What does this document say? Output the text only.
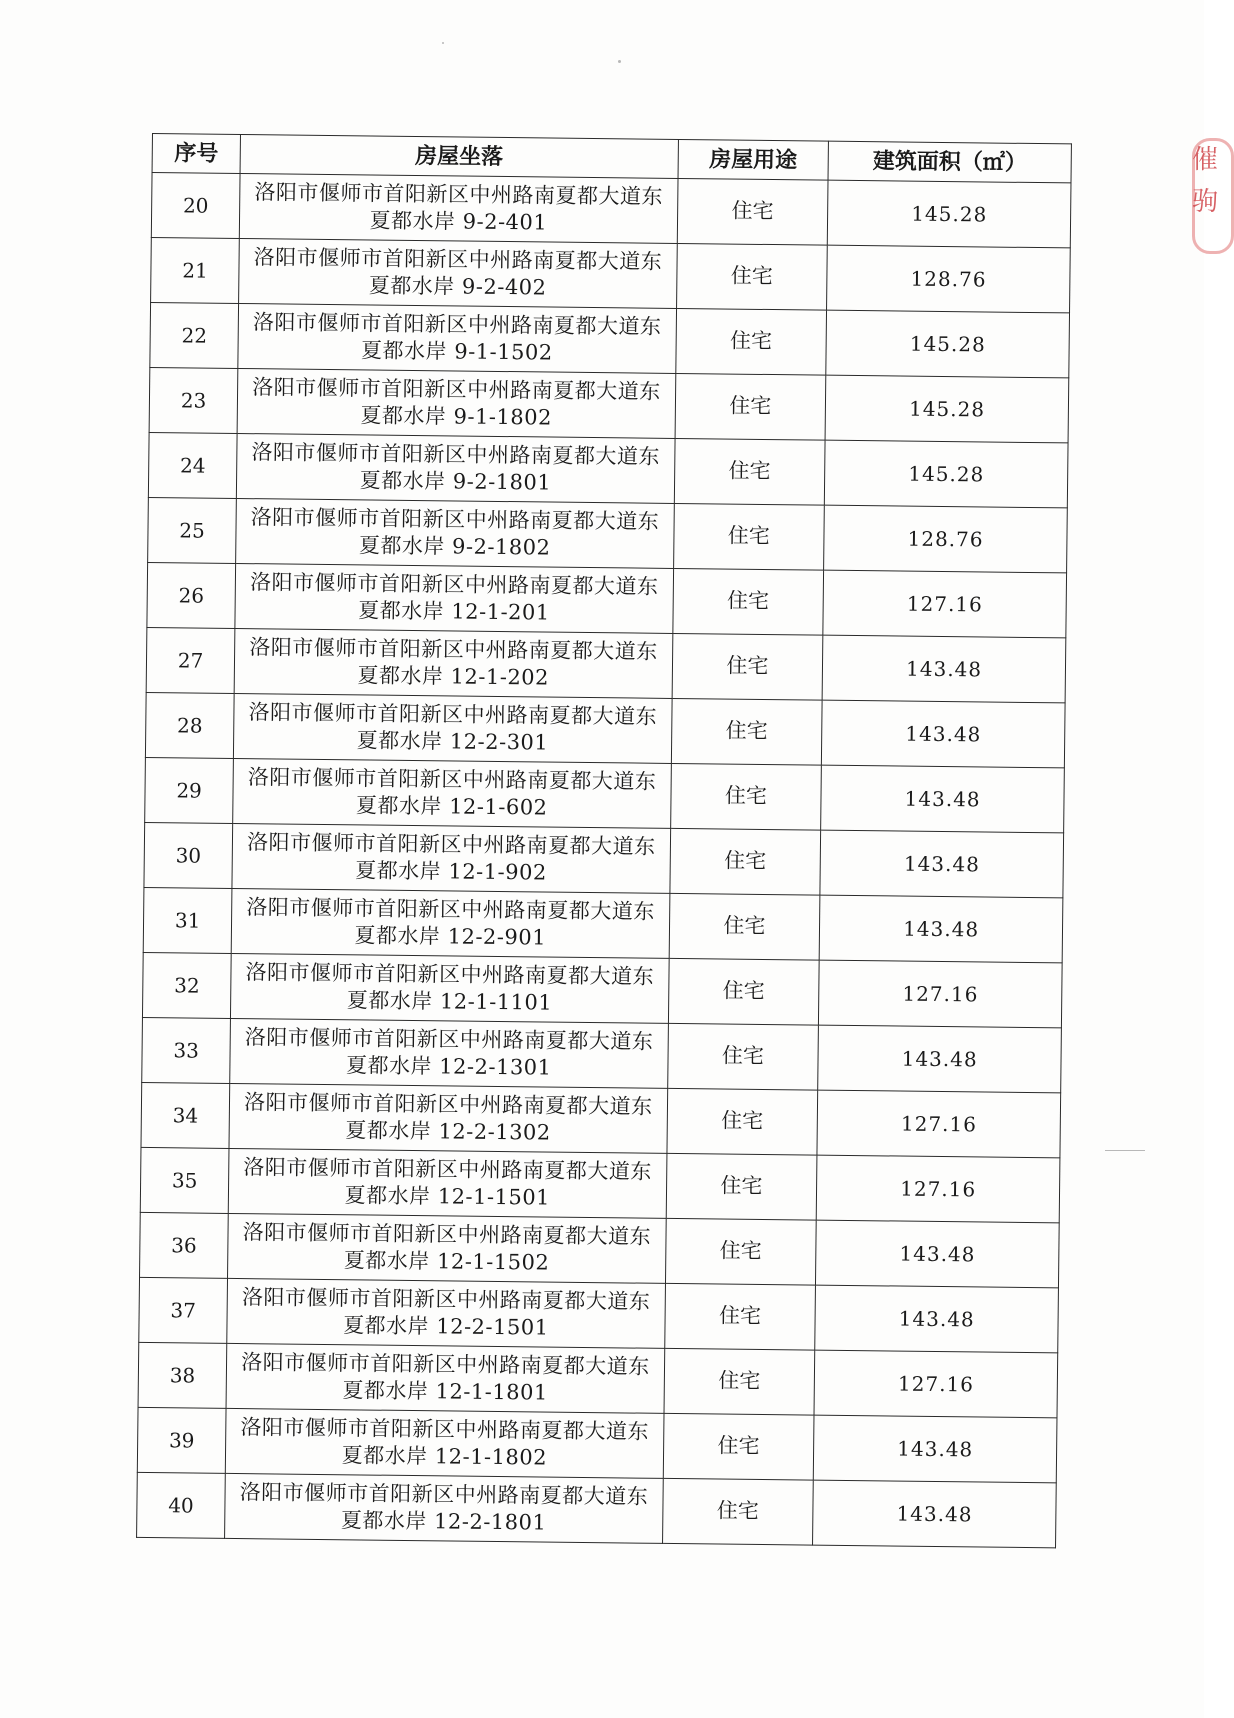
催 驹
序号	房屋坐落	房屋用途	建筑面积（㎡）
20	洛阳市偃师市首阳新区中州路南夏都大道东夏都水岸 9-2-401	住宅	145.28
21	洛阳市偃师市首阳新区中州路南夏都大道东夏都水岸 9-2-402	住宅	128.76
22	洛阳市偃师市首阳新区中州路南夏都大道东夏都水岸 9-1-1502	住宅	145.28
23	洛阳市偃师市首阳新区中州路南夏都大道东夏都水岸 9-1-1802	住宅	145.28
24	洛阳市偃师市首阳新区中州路南夏都大道东夏都水岸 9-2-1801	住宅	145.28
25	洛阳市偃师市首阳新区中州路南夏都大道东夏都水岸 9-2-1802	住宅	128.76
26	洛阳市偃师市首阳新区中州路南夏都大道东夏都水岸 12-1-201	住宅	127.16
27	洛阳市偃师市首阳新区中州路南夏都大道东夏都水岸 12-1-202	住宅	143.48
28	洛阳市偃师市首阳新区中州路南夏都大道东夏都水岸 12-2-301	住宅	143.48
29	洛阳市偃师市首阳新区中州路南夏都大道东夏都水岸 12-1-602	住宅	143.48
30	洛阳市偃师市首阳新区中州路南夏都大道东夏都水岸 12-1-902	住宅	143.48
31	洛阳市偃师市首阳新区中州路南夏都大道东夏都水岸 12-2-901	住宅	143.48
32	洛阳市偃师市首阳新区中州路南夏都大道东夏都水岸 12-1-1101	住宅	127.16
33	洛阳市偃师市首阳新区中州路南夏都大道东夏都水岸 12-2-1301	住宅	143.48
34	洛阳市偃师市首阳新区中州路南夏都大道东夏都水岸 12-2-1302	住宅	127.16
35	洛阳市偃师市首阳新区中州路南夏都大道东夏都水岸 12-1-1501	住宅	127.16
36	洛阳市偃师市首阳新区中州路南夏都大道东夏都水岸 12-1-1502	住宅	143.48
37	洛阳市偃师市首阳新区中州路南夏都大道东夏都水岸 12-2-1501	住宅	143.48
38	洛阳市偃师市首阳新区中州路南夏都大道东夏都水岸 12-1-1801	住宅	127.16
39	洛阳市偃师市首阳新区中州路南夏都大道东夏都水岸 12-1-1802	住宅	143.48
40	洛阳市偃师市首阳新区中州路南夏都大道东夏都水岸 12-2-1801	住宅	143.48
